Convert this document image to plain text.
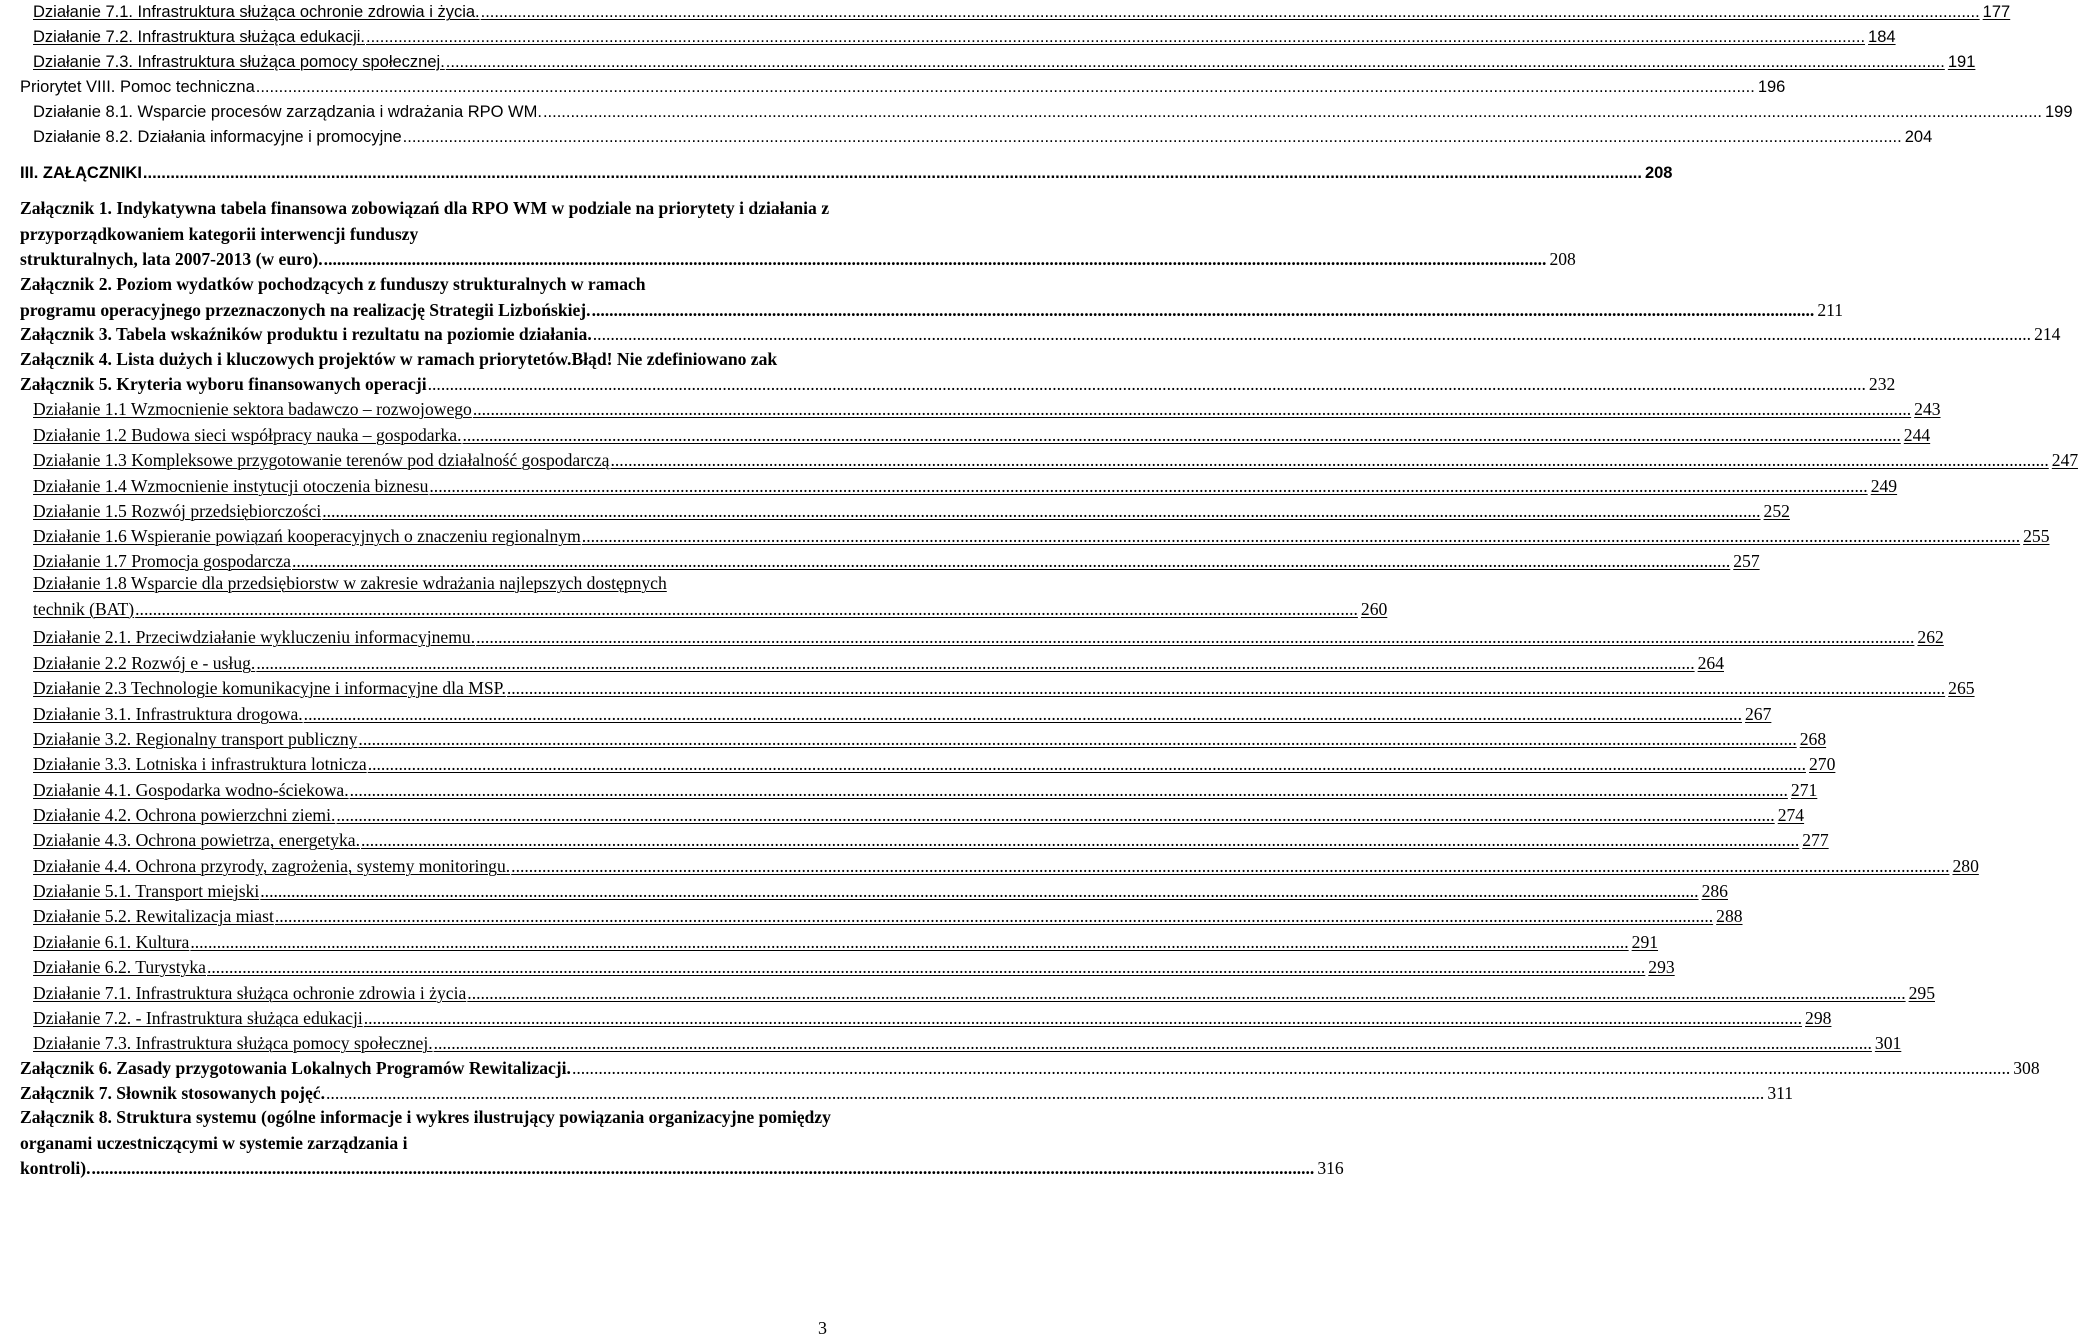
Działanie 7.1. Infrastruktura służąca ochronie zdrowia i życia. .....	177
Działanie 7.2. Infrastruktura służąca edukacji. .....	184
Działanie 7.3. Infrastruktura służąca pomocy społecznej. .....	191
Priorytet VIII. Pomoc techniczna .....	196
Działanie 8.1. Wsparcie procesów zarządzania i wdrażania RPO WM. .....	199
Działanie 8.2. Działania informacyjne i promocyjne .....	204
III. ZAŁĄCZNIKI .....	208
Załącznik 1. Indykatywna tabela finansowa zobowiązań dla RPO WM w podziale na priorytety i działania z przyporządkowaniem kategorii interwencji funduszy
strukturalnych, lata 2007-2013 (w euro). .....	208
Załącznik 2. Poziom wydatków pochodzących z funduszy strukturalnych w ramach
programu operacyjnego przeznaczonych na realizację Strategii Lizbońskiej. .....	211
Załącznik 3. Tabela wskaźników produktu i rezultatu na poziomie działania. .....	214
Załącznik 4. Lista dużych i kluczowych projektów w ramach priorytetów.Błąd! Nie zdefiniowano zak
Załącznik 5. Kryteria wyboru finansowanych operacji .....	232
Działanie 1.1 Wzmocnienie sektora badawczo – rozwojowego .....	243
Działanie 1.2 Budowa sieci współpracy nauka – gospodarka. .....	244
Działanie 1.3 Kompleksowe przygotowanie terenów pod działalność gospodarczą .....	247
Działanie 1.4 Wzmocnienie instytucji otoczenia biznesu .....	249
Działanie 1.5 Rozwój przedsiębiorczości .....	252
Działanie 1.6 Wspieranie powiązań kooperacyjnych o znaczeniu regionalnym .....	255
Działanie 1.7 Promocja gospodarcza .....	257
Działanie 1.8 Wsparcie dla przedsiębiorstw w zakresie wdrażania najlepszych dostępnych
technik (BAT) .....	260
Działanie 2.1. Przeciwdziałanie wykluczeniu informacyjnemu. .....	262
Działanie 2.2 Rozwój e - usług. .....	264
Działanie 2.3 Technologie komunikacyjne i informacyjne dla MSP. .....	265
Działanie 3.1. Infrastruktura drogowa. .....	267
Działanie 3.2. Regionalny transport publiczny .....	268
Działanie 3.3. Lotniska i infrastruktura lotnicza .....	270
Działanie 4.1. Gospodarka wodno-ściekowa. .....	271
Działanie 4.2. Ochrona powierzchni ziemi. .....	274
Działanie 4.3. Ochrona powietrza, energetyka. .....	277
Działanie 4.4. Ochrona przyrody, zagrożenia, systemy monitoringu. .....	280
Działanie 5.1. Transport miejski .....	286
Działanie 5.2. Rewitalizacja miast .....	288
Działanie 6.1. Kultura .....	291
Działanie 6.2. Turystyka .....	293
Działanie 7.1. Infrastruktura służąca ochronie zdrowia i życia .....	295
Działanie 7.2. - Infrastruktura służąca edukacji .....	298
Działanie 7.3. Infrastruktura służąca pomocy społecznej. .....	301
Załącznik 6. Zasady przygotowania Lokalnych Programów Rewitalizacji. .....	308
Załącznik 7. Słownik stosowanych pojęć. .....	311
Załącznik 8. Struktura systemu (ogólne informacje i wykres ilustrujący powiązania organizacyjne pomiędzy organami uczestniczącymi w systemie zarządzania i
kontroli). .....	316
3
